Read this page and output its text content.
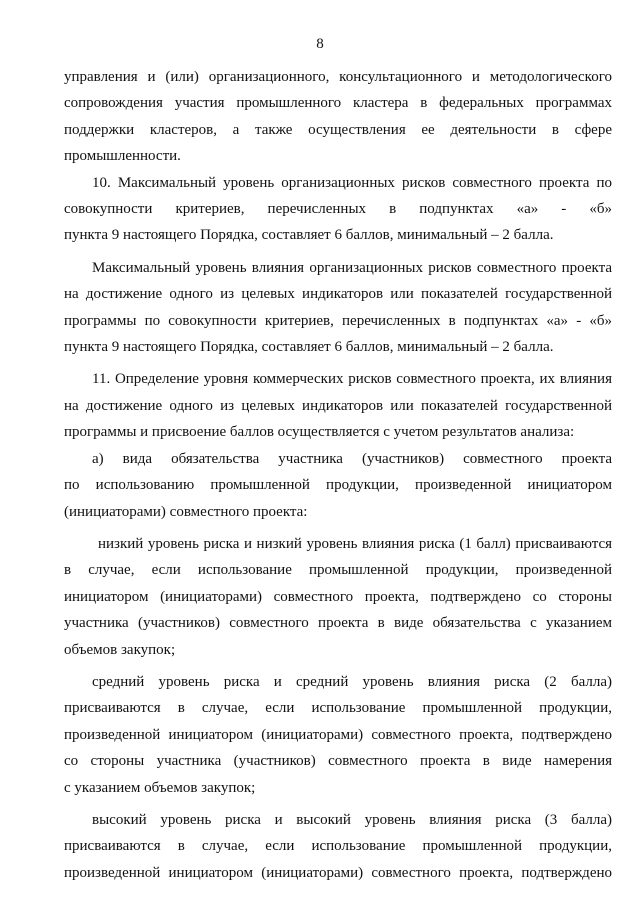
8

управления и (или) организационного, консультационного и методологического
сопровождения участия промышленного кластера в федеральных программах
поддержки кластеров, а также осуществления ее деятельности в сфере
промышленности.

10. Максимальный уровень организационных рисков совместного проекта по
совокупности критериев, перечисленных в подпунктах «а» - «б»
пункта 9 настоящего Порядка, составляет 6 баллов, минимальный – 2 балла.

Максимальный уровень влияния организационных рисков совместного проекта
на достижение одного из целевых индикаторов или показателей государственной
программы по совокупности критериев, перечисленных в подпунктах «а» - «б»
пункта 9 настоящего Порядка, составляет 6 баллов, минимальный – 2 балла.

11. Определение уровня коммерческих рисков совместного проекта, их влияния
на достижение одного из целевых индикаторов или показателей государственной
программы и присвоение баллов осуществляется с учетом результатов анализа:

а) вида обязательства участника (участников) совместного проекта
по использованию промышленной продукции, произведенной инициатором
(инициаторами) совместного проекта:

низкий уровень риска и низкий уровень влияния риска (1 балл) присваиваются
в случае, если использование промышленной продукции, произведенной
инициатором (инициаторами) совместного проекта, подтверждено со стороны
участника (участников) совместного проекта в виде обязательства с указанием
объемов закупок;

средний уровень риска и средний уровень влияния риска (2 балла)
присваиваются в случае, если использование промышленной продукции,
произведенной инициатором (инициаторами) совместного проекта, подтверждено
со стороны участника (участников) совместного проекта в виде намерения
с указанием объемов закупок;

высокий уровень риска и высокий уровень влияния риска (3 балла)
присваиваются в случае, если использование промышленной продукции,
произведенной инициатором (инициаторами) совместного проекта, подтверждено
